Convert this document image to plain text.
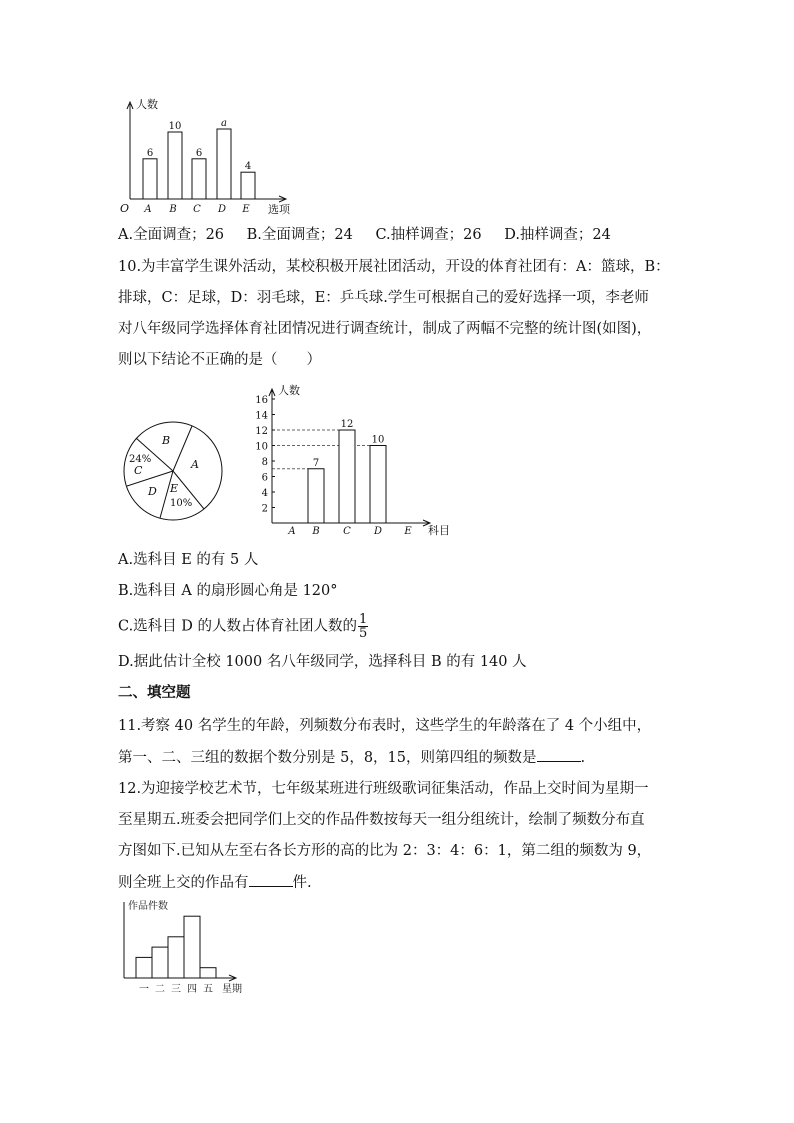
6
10
6
a
4
人数
O	选项
A B C D E
A.全面调查；26 B.全面调查；24 C.抽样调查；26 D.抽样调查；24
10.为丰富学生课外活动，某校积极开展社团活动，开设的体育社团有：A：篮球，B：
排球，C：足球，D：羽毛球，E：乒乓球.学生可根据自己的爱好选择一项，李老师
对八年级同学选择体育社团情况进行调查统计，制成了两幅不完整的统计图(如图)，
则以下结论不正确的是（　　）
B
A
24%
C
D E
10%	2
4
6
8
10
12
14
16
7
12
10
A B C D E
人数
科目
A.选科目 E 的有 5 人
B.选科目 A 的扇形圆心角是 120°
C.选科目 D 的人数占体育社团人数的 $\frac{1}{5}$
D.据此估计全校 1000 名八年级同学，选择科目 B 的有 140 人
二、填空题
11.考察 40 名学生的年龄，列频数分布表时，这些学生的年龄落在了 4 个小组中，
第一、二、三组的数据个数分别是 5，8，15，则第四组的频数是	.
12.为迎接学校艺术节，七年级某班进行班级歌词征集活动，作品上交时间为星期一
至星期五.班委会把同学们上交的作品件数按每天一组分组统计，绘制了频数分布直
方图如下.已知从左至右各长方形的高的比为 2：3：4：6：1，第二组的频数为 9，
则全班上交的作品有	件.
一 二 三 四 五
作品件数
星期
